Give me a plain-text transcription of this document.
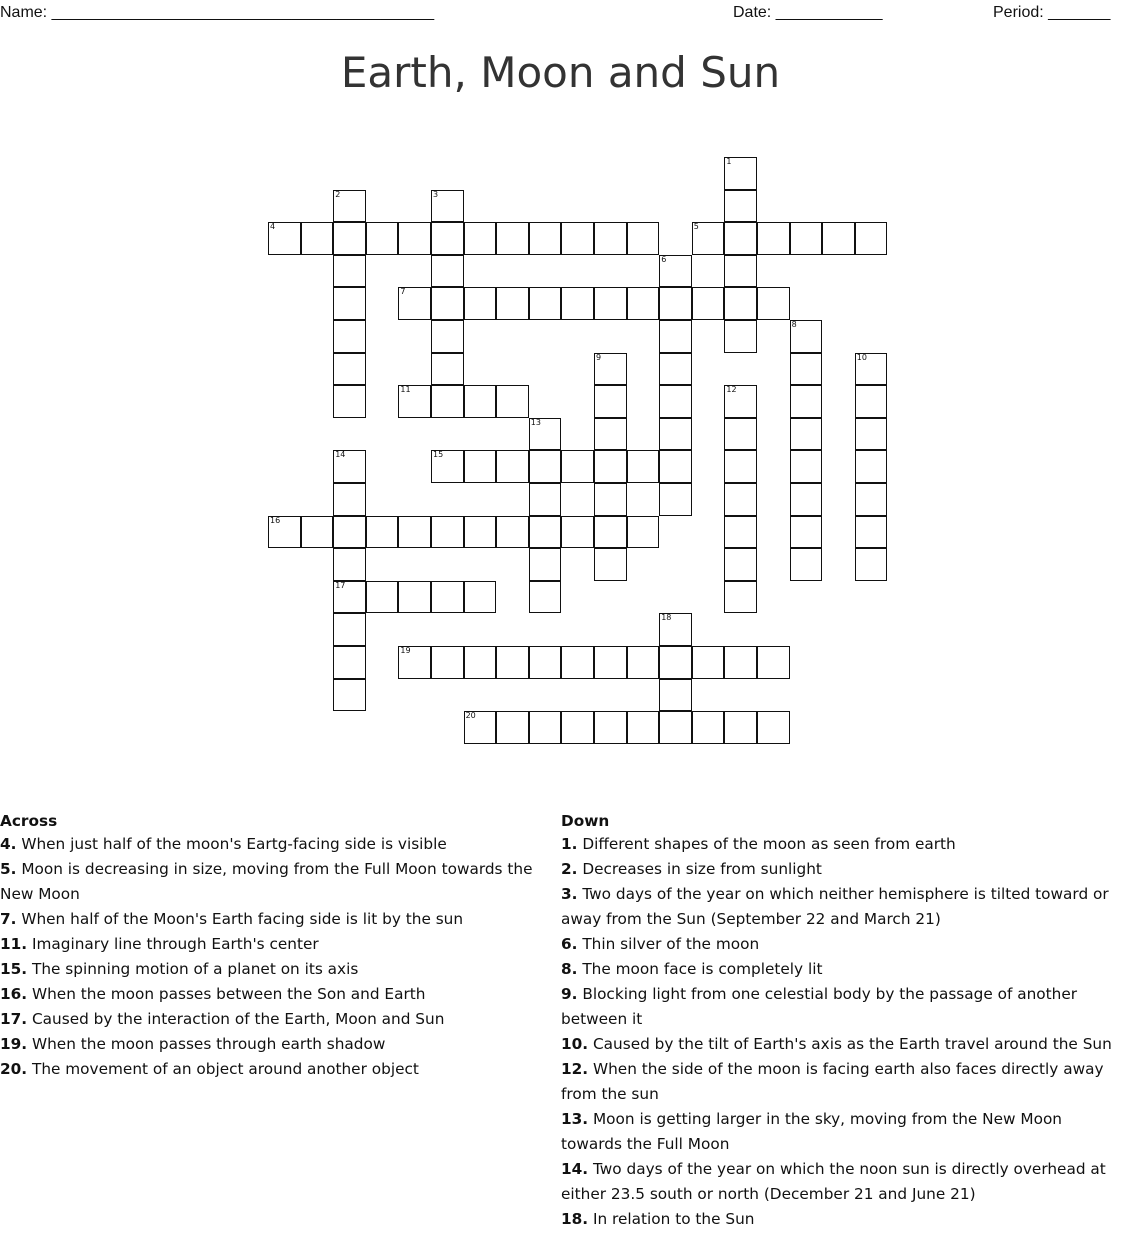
Name: ___________________________________________	Date: ____________	Period: _______
Earth, Moon and Sun
4	5
7
11
15
16
17
19
20
1
2	3
6
8
9	10
12
13
14
18
Across
4. When just half of the moon's Eartg-facing side is visible
5. Moon is decreasing in size, moving from the Full Moon towards the New Moon
7. When half of the Moon's Earth facing side is lit by the sun
11. Imaginary line through Earth's center
15. The spinning motion of a planet on its axis
16. When the moon passes between the Son and Earth
17. Caused by the interaction of the Earth, Moon and Sun
19. When the moon passes through earth shadow
20. The movement of an object around another object
Down
1. Different shapes of the moon as seen from earth
2. Decreases in size from sunlight
3. Two days of the year on which neither hemisphere is tilted toward or away from the Sun (September 22 and March 21)
6. Thin silver of the moon
8. The moon face is completely lit
9. Blocking light from one celestial body by the passage of another between it
10. Caused by the tilt of Earth's axis as the Earth travel around the Sun
12. When the side of the moon is facing earth also faces directly away from the sun
13. Moon is getting larger in the sky, moving from the New Moon towards the Full Moon
14. Two days of the year on which the noon sun is directly overhead at either 23.5 south or north (December 21 and June 21)
18. In relation to the Sun
